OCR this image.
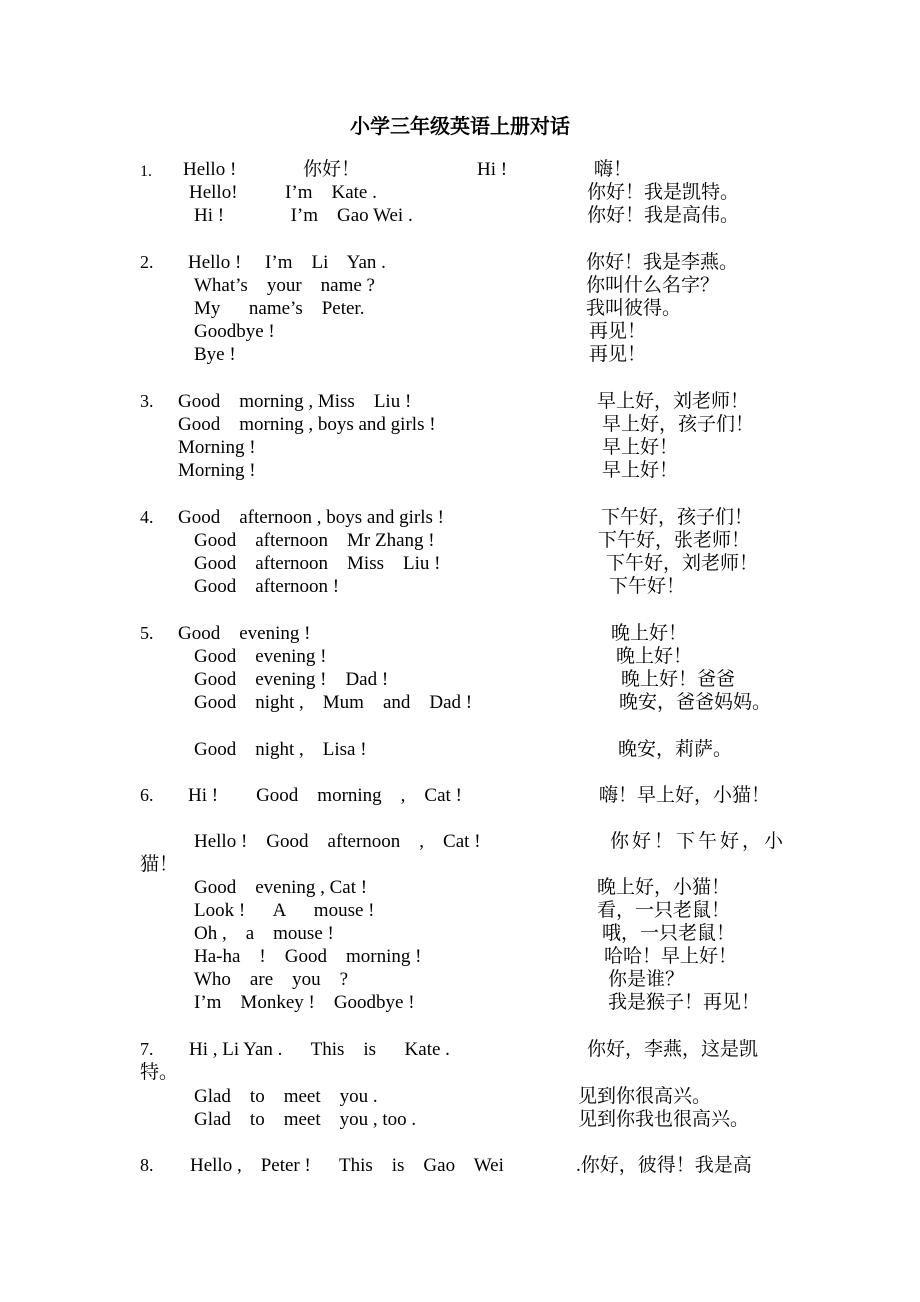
小学三年级英语上册对话
1. Hello !	你好！	Hi !	嗨！
Hello!          I’m    Kate .	你好！我是凯特。
Hi !              I’m    Gao Wei .	你好！我是高伟。
2. Hello !     I’m    Li    Yan .	你好！我是李燕。
What’s    your    name ?	你叫什么名字？
My      name’s    Peter.	我叫彼得。
Goodbye !	再见！
Bye !	再见！
3. Good    morning , Miss    Liu !	早上好，刘老师！
Good    morning , boys and girls !	早上好，孩子们！
Morning !	早上好！
Morning !	早上好！
4. Good    afternoon , boys and girls !	下午好，孩子们！
Good    afternoon    Mr Zhang !	下午好，张老师！
Good    afternoon    Miss    Liu !	下午好，刘老师！
Good    afternoon !	下午好！
5. Good    evening !	晚上好！
Good    evening !	晚上好！
Good    evening !    Dad !	晚上好！爸爸
Good    night ,    Mum    and    Dad !	晚安，爸爸妈妈。
Good    night ,    Lisa !	晚安，莉萨。
6. Hi !        Good    morning    ,    Cat !	嗨！早上好，小猫！
Hello !    Good    afternoon    ,    Cat !	你好！下午好，小
猫！
Good    evening , Cat !	晚上好，小猫！
Look !      A      mouse !	看，一只老鼠！
Oh ,    a    mouse !	哦，一只老鼠！
Ha-ha    !    Good    morning !	哈哈！早上好！
Who    are    you    ?	你是谁？
I’m    Monkey !    Goodbye !	我是猴子！再见！
7. Hi , Li Yan .      This    is      Kate .	你好，李燕，这是凯
特。
Glad    to    meet    you .	见到你很高兴。
Glad    to    meet    you , too .	见到你我也很高兴。
8. Hello ,    Peter !      This    is    Gao    Wei	.你好，彼得！我是高
